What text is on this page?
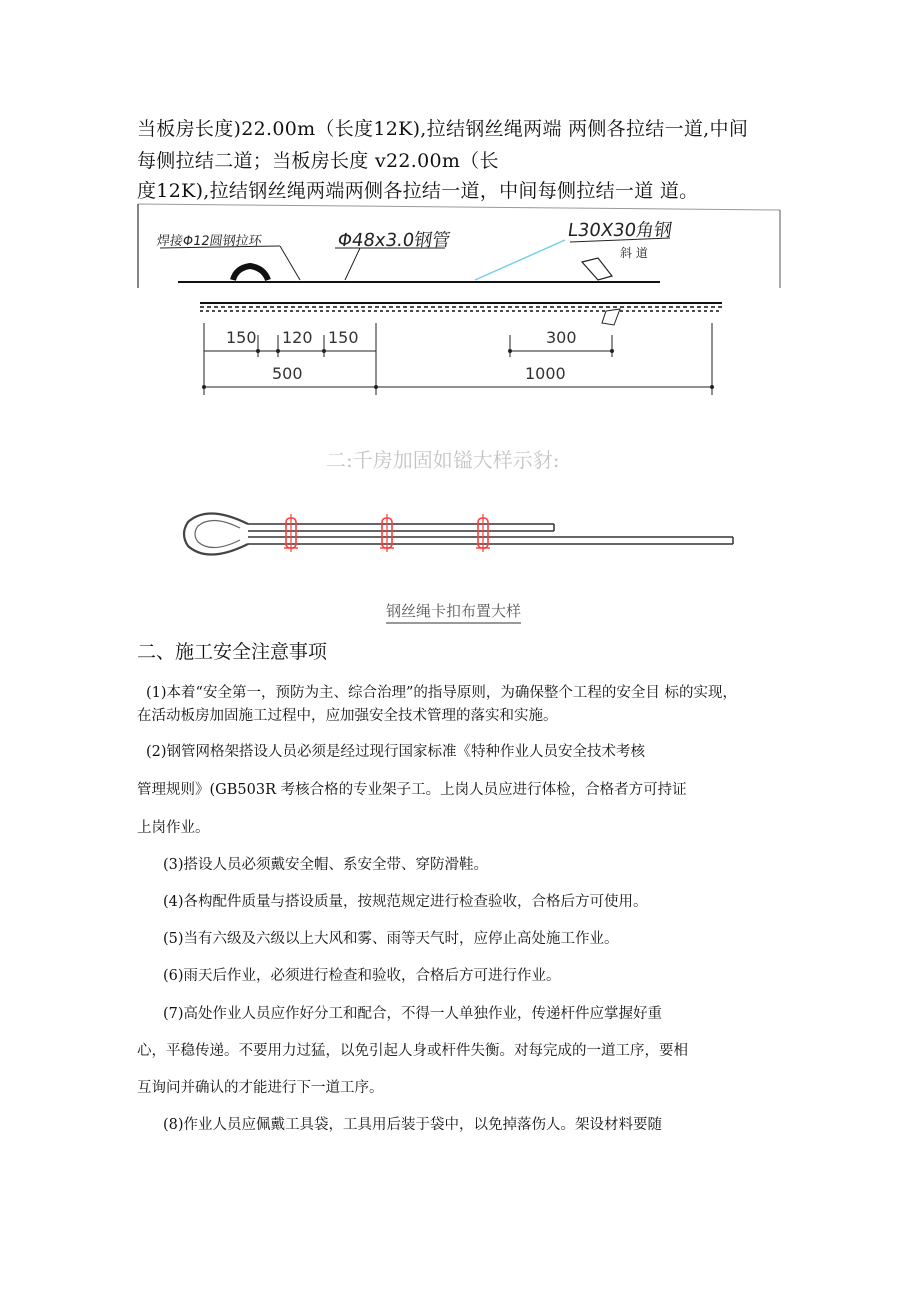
当板房长度)22.00m（长度12K),拉结钢丝绳两端 两侧各拉结一道,中间
每侧拉结二道；当板房长度 v22.00m（长
度12K),拉结钢丝绳两端两侧各拉结一道，中间每侧拉结一道 道。
焊接Φ12圆钢拉环	Φ48x3.0钢管	L30X30角钢
斜 道
150 120 150	300
500	1000
二:千房加固如镒大样示豺:
钢丝绳卡扣布置大样
二、施工安全注意事项
(1)本着“安全第一，预防为主、综合治理”的指导原则，为确保整个工程的安全目 标的实现，
在活动板房加固施工过程中，应加强安全技术管理的落实和实施。
(2)钢管网格架搭设人员必须是经过现行国家标准《特种作业人员安全技术考核
管理规则》(GB503R 考核合格的专业架子工。上岗人员应进行体检，合格者方可持证
上岗作业。
(3)搭设人员必须戴安全帽、系安全带、穿防滑鞋。
(4)各构配件质量与搭设质量，按规范规定进行检查验收，合格后方可使用。
(5)当有六级及六级以上大风和雾、雨等天气时，应停止高处施工作业。
(6)雨天后作业，必须进行检查和验收，合格后方可进行作业。
(7)高处作业人员应作好分工和配合，不得一人单独作业，传递杆件应掌握好重
心，平稳传递。不要用力过猛，以免引起人身或杆件失衡。对每完成的一道工序，要相
互询问并确认的才能进行下一道工序。
(8)作业人员应佩戴工具袋，工具用后装于袋中，以免掉落伤人。架设材料要随
